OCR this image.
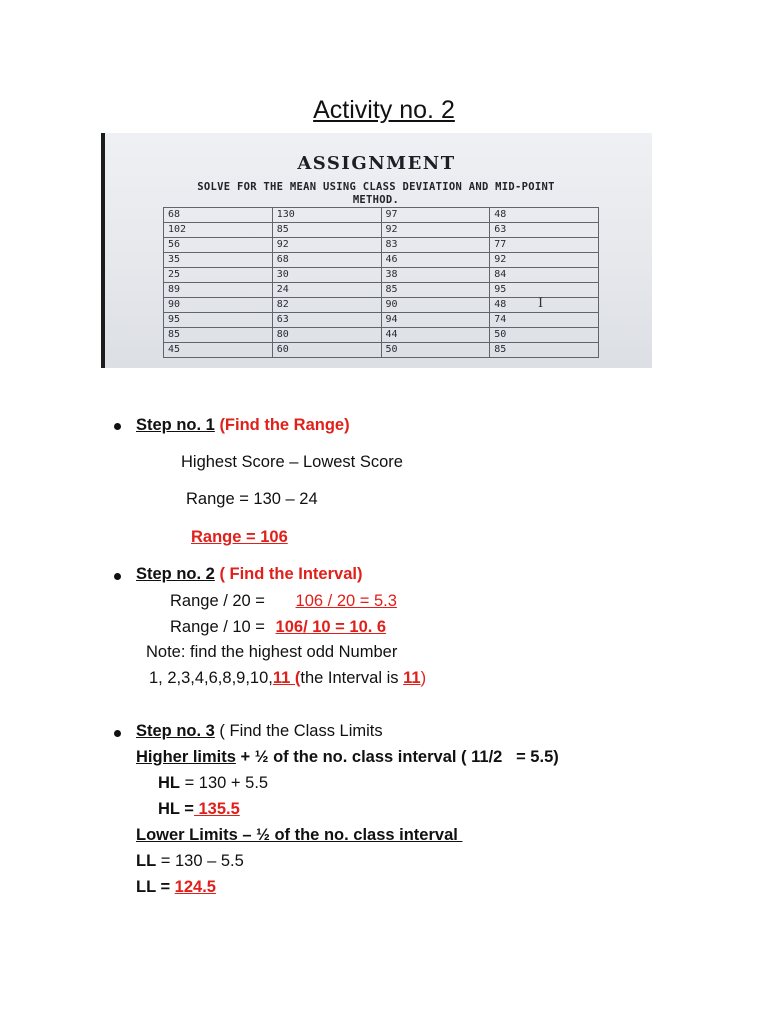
Activity no. 2
ASSIGNMENT
SOLVE FOR THE MEAN USING CLASS DEVIATION AND MID-POINT
METHOD.
68	130	97	48
102	85	92	63
56	92	83	77
35	68	46	92
25	30	38	84
89	24	85	95
90	82	90	48
95	63	94	74
85	80	44	50
45	60	50	85
I
Step no. 1 (Find the Range)
Highest Score – Lowest Score
Range = 130 – 24
Range = 106
Step no. 2 ( Find the Interval)
Range / 20 = 106 / 20 = 5.3
Range / 10 = 106/ 10 = 10. 6
Note: find the highest odd Number
1, 2,3,4,6,8,9,10,11 (the Interval is 11)
Step no. 3 ( Find the Class Limits
Higher limits + ½ of the no. class interval ( 11/2   = 5.5)
HL = 130 + 5.5
HL = 135.5
Lower Limits – ½ of the no. class interval
LL = 130 – 5.5
LL = 124.5
